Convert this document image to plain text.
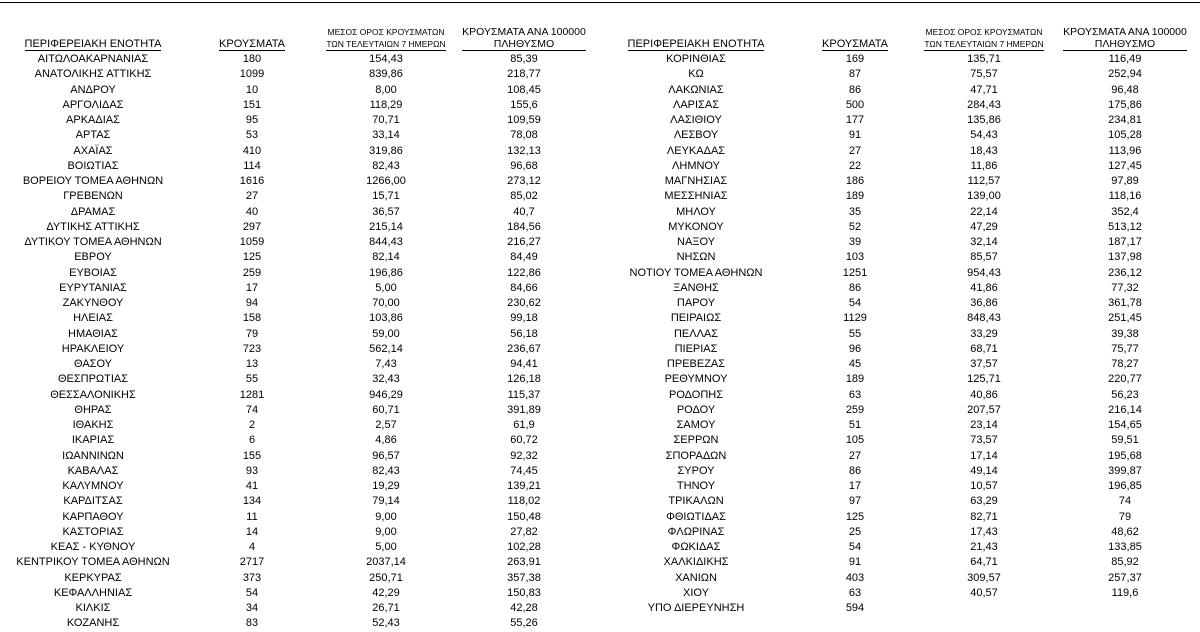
ΠΕΡΙΦΕΡΕΙΑΚΗ ΕΝΟΤΗΤΑ	ΚΡΟΥΣΜΑΤΑ	ΜΕΣΟΣ ΟΡΟΣ ΚΡΟΥΣΜΑΤΩΝ
ΤΩΝ ΤΕΛΕΥΤΑΙΩΝ 7 ΗΜΕΡΩΝ	ΚΡΟΥΣΜΑΤΑ ΑΝΑ 100000
ΠΛΗΘΥΣΜΟ
ΑΙΤΩΛΟΑΚΑΡΝΑΝΙΑΣ	180	154,43	85,39
ΑΝΑΤΟΛΙΚΗΣ ΑΤΤΙΚΗΣ	1099	839,86	218,77
ΑΝΔΡΟΥ	10	8,00	108,45
ΑΡΓΟΛΙΔΑΣ	151	118,29	155,6
ΑΡΚΑΔΙΑΣ	95	70,71	109,59
ΑΡΤΑΣ	53	33,14	78,08
ΑΧΑΪΑΣ	410	319,86	132,13
ΒΟΙΩΤΙΑΣ	114	82,43	96,68
ΒΟΡΕΙΟΥ ΤΟΜΕΑ ΑΘΗΝΩΝ	1616	1266,00	273,12
ΓΡΕΒΕΝΩΝ	27	15,71	85,02
ΔΡΑΜΑΣ	40	36,57	40,7
ΔΥΤΙΚΗΣ ΑΤΤΙΚΗΣ	297	215,14	184,56
ΔΥΤΙΚΟΥ ΤΟΜΕΑ ΑΘΗΝΩΝ	1059	844,43	216,27
ΕΒΡΟΥ	125	82,14	84,49
ΕΥΒΟΙΑΣ	259	196,86	122,86
ΕΥΡΥΤΑΝΙΑΣ	17	5,00	84,66
ΖΑΚΥΝΘΟΥ	94	70,00	230,62
ΗΛΕΙΑΣ	158	103,86	99,18
ΗΜΑΘΙΑΣ	79	59,00	56,18
ΗΡΑΚΛΕΙΟΥ	723	562,14	236,67
ΘΑΣΟΥ	13	7,43	94,41
ΘΕΣΠΡΩΤΙΑΣ	55	32,43	126,18
ΘΕΣΣΑΛΟΝΙΚΗΣ	1281	946,29	115,37
ΘΗΡΑΣ	74	60,71	391,89
ΙΘΑΚΗΣ	2	2,57	61,9
ΙΚΑΡΙΑΣ	6	4,86	60,72
ΙΩΑΝΝΙΝΩΝ	155	96,57	92,32
ΚΑΒΑΛΑΣ	93	82,43	74,45
ΚΑΛΥΜΝΟΥ	41	19,29	139,21
ΚΑΡΔΙΤΣΑΣ	134	79,14	118,02
ΚΑΡΠΑΘΟΥ	11	9,00	150,48
ΚΑΣΤΟΡΙΑΣ	14	9,00	27,82
ΚΕΑΣ - ΚΥΘΝΟΥ	4	5,00	102,28
ΚΕΝΤΡΙΚΟΥ ΤΟΜΕΑ ΑΘΗΝΩΝ	2717	2037,14	263,91
ΚΕΡΚΥΡΑΣ	373	250,71	357,38
ΚΕΦΑΛΛΗΝΙΑΣ	54	42,29	150,83
ΚΙΛΚΙΣ	34	26,71	42,28
ΚΟΖΑΝΗΣ	83	52,43	55,26
ΠΕΡΙΦΕΡΕΙΑΚΗ ΕΝΟΤΗΤΑ	ΚΡΟΥΣΜΑΤΑ	ΜΕΣΟΣ ΟΡΟΣ ΚΡΟΥΣΜΑΤΩΝ
ΤΩΝ ΤΕΛΕΥΤΑΙΩΝ 7 ΗΜΕΡΩΝ	ΚΡΟΥΣΜΑΤΑ ΑΝΑ 100000
ΠΛΗΘΥΣΜΟ
ΚΟΡΙΝΘΙΑΣ	169	135,71	116,49
ΚΩ	87	75,57	252,94
ΛΑΚΩΝΙΑΣ	86	47,71	96,48
ΛΑΡΙΣΑΣ	500	284,43	175,86
ΛΑΣΙΘΙΟΥ	177	135,86	234,81
ΛΕΣΒΟΥ	91	54,43	105,28
ΛΕΥΚΑΔΑΣ	27	18,43	113,96
ΛΗΜΝΟΥ	22	11,86	127,45
ΜΑΓΝΗΣΙΑΣ	186	112,57	97,89
ΜΕΣΣΗΝΙΑΣ	189	139,00	118,16
ΜΗΛΟΥ	35	22,14	352,4
ΜΥΚΟΝΟΥ	52	47,29	513,12
ΝΑΞΟΥ	39	32,14	187,17
ΝΗΣΩΝ	103	85,57	137,98
ΝΟΤΙΟΥ ΤΟΜΕΑ ΑΘΗΝΩΝ	1251	954,43	236,12
ΞΑΝΘΗΣ	86	41,86	77,32
ΠΑΡΟΥ	54	36,86	361,78
ΠΕΙΡΑΙΩΣ	1129	848,43	251,45
ΠΕΛΛΑΣ	55	33,29	39,38
ΠΙΕΡΙΑΣ	96	68,71	75,77
ΠΡΕΒΕΖΑΣ	45	37,57	78,27
ΡΕΘΥΜΝΟΥ	189	125,71	220,77
ΡΟΔΟΠΗΣ	63	40,86	56,23
ΡΟΔΟΥ	259	207,57	216,14
ΣΑΜΟΥ	51	23,14	154,65
ΣΕΡΡΩΝ	105	73,57	59,51
ΣΠΟΡΑΔΩΝ	27	17,14	195,68
ΣΥΡΟΥ	86	49,14	399,87
ΤΗΝΟΥ	17	10,57	196,85
ΤΡΙΚΑΛΩΝ	97	63,29	74
ΦΘΙΩΤΙΔΑΣ	125	82,71	79
ΦΛΩΡΙΝΑΣ	25	17,43	48,62
ΦΩΚΙΔΑΣ	54	21,43	133,85
ΧΑΛΚΙΔΙΚΗΣ	91	64,71	85,92
ΧΑΝΙΩΝ	403	309,57	257,37
ΧΙΟΥ	63	40,57	119,6
ΥΠΟ ΔΙΕΡΕΥΝΗΣΗ	594		
